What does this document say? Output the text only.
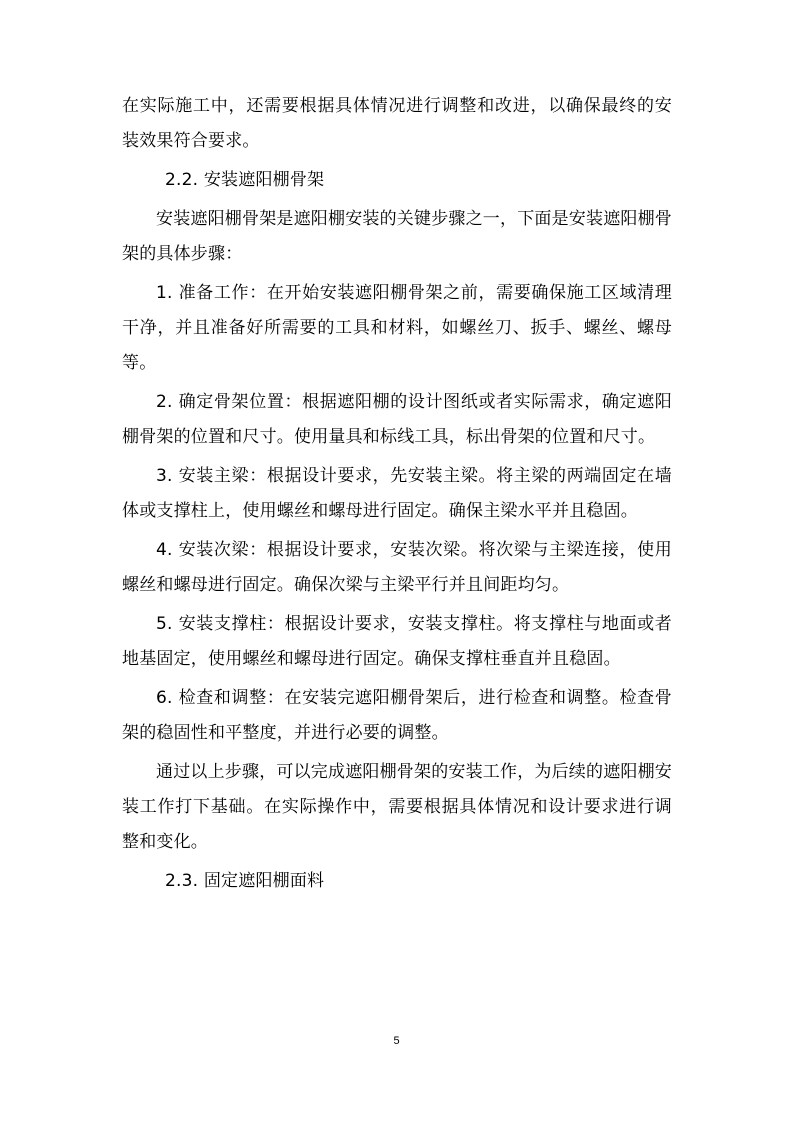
在实际施工中，还需要根据具体情况进行调整和改进，以确保最终的安装效果符合要求。

2.2. 安装遮阳棚骨架

安装遮阳棚骨架是遮阳棚安装的关键步骤之一，下面是安装遮阳棚骨架的具体步骤：

1. 准备工作：在开始安装遮阳棚骨架之前，需要确保施工区域清理干净，并且准备好所需要的工具和材料，如螺丝刀、扳手、螺丝、螺母等。

2. 确定骨架位置：根据遮阳棚的设计图纸或者实际需求，确定遮阳棚骨架的位置和尺寸。使用量具和标线工具，标出骨架的位置和尺寸。

3. 安装主梁：根据设计要求，先安装主梁。将主梁的两端固定在墙体或支撑柱上，使用螺丝和螺母进行固定。确保主梁水平并且稳固。

4. 安装次梁：根据设计要求，安装次梁。将次梁与主梁连接，使用螺丝和螺母进行固定。确保次梁与主梁平行并且间距均匀。

5. 安装支撑柱：根据设计要求，安装支撑柱。将支撑柱与地面或者地基固定，使用螺丝和螺母进行固定。确保支撑柱垂直并且稳固。

6. 检查和调整：在安装完遮阳棚骨架后，进行检查和调整。检查骨架的稳固性和平整度，并进行必要的调整。

通过以上步骤，可以完成遮阳棚骨架的安装工作，为后续的遮阳棚安装工作打下基础。在实际操作中，需要根据具体情况和设计要求进行调整和变化。

2.3. 固定遮阳棚面料

5
